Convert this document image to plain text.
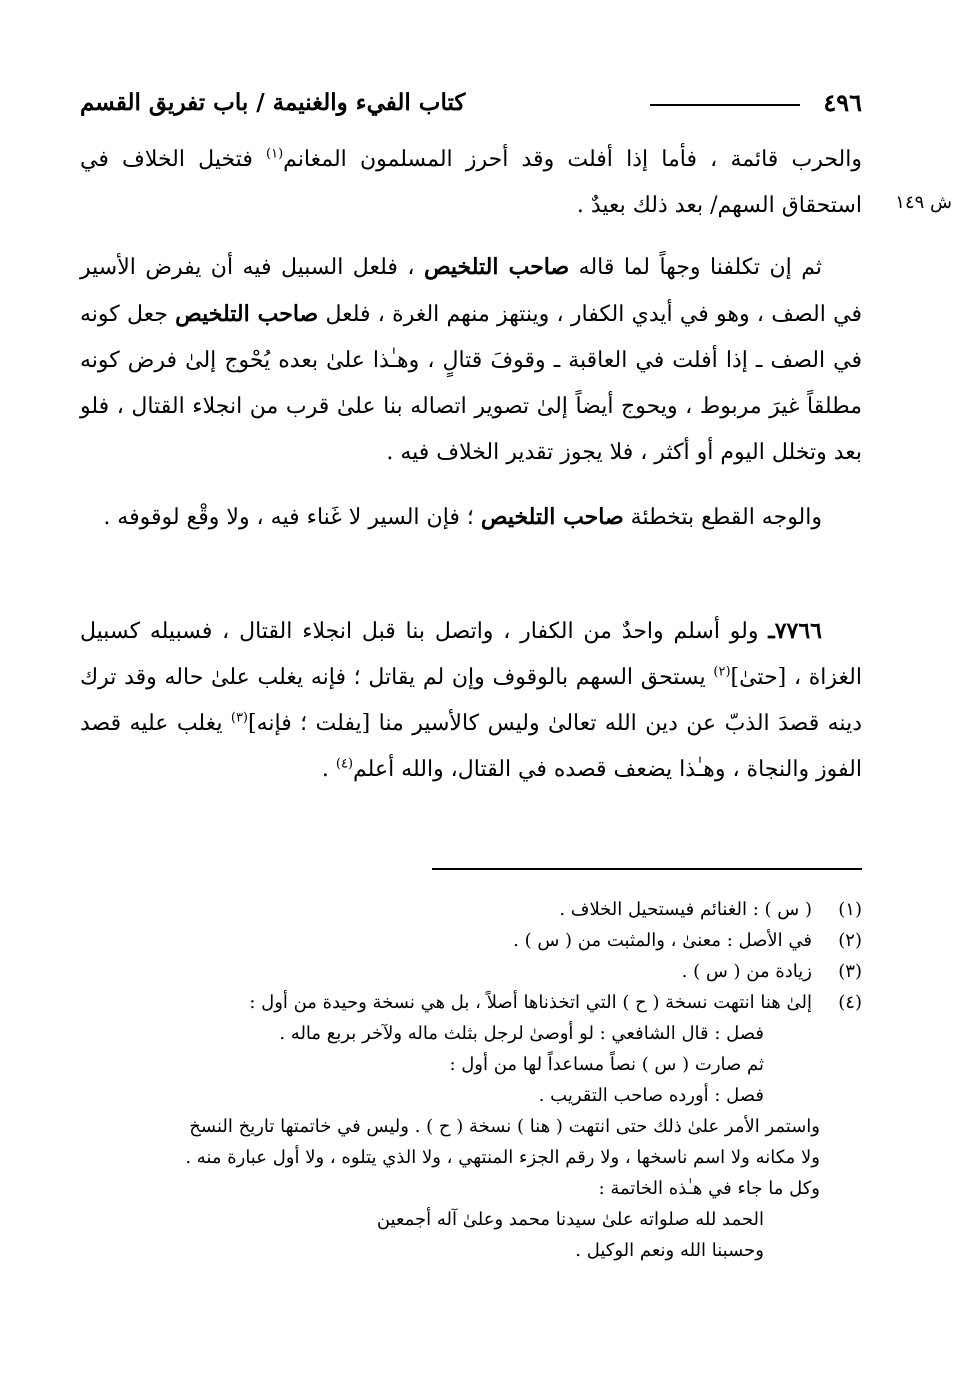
٤٩٦
كتاب الفيء والغنيمة / باب تفريق القسم
ش ١٤٩
والحرب قائمة ، فأما إذا أفلت وقد أحرز المسلمون المغانم$^{(١)}$ فتخيل الخلاف في استحقاق السهم/ بعد ذلك بعيدٌ .
ثم إن تكلفنا وجهاً لما قاله صاحب التلخيص ، فلعل السبيل فيه أن يفرض الأسير في الصف ، وهو في أيدي الكفار ، وينتهز منهم الغرة ، فلعل صاحب التلخيص جعل كونه في الصف ـ إذا أفلت في العاقبة ـ وقوفَ قتالٍ ، وهـٰذا علىٰ بعده يُحْوج إلىٰ فرض كونه مطلقاً غيرَ مربوط ، ويحوج أيضاً إلىٰ تصوير اتصاله بنا علىٰ قرب من انجلاء القتال ، فلو بعد وتخلل اليوم أو أكثر ، فلا يجوز تقدير الخلاف فيه .
والوجه القطع بتخطئة صاحب التلخيص ؛ فإن السير لا غَناء فيه ، ولا وقْع لوقوفه .
٧٧٦٦ـ ولو أسلم واحدٌ من الكفار ، واتصل بنا قبل انجلاء القتال ، فسبيله كسبيل الغزاة ، [حتىٰ]$^{(٢)}$ يستحق السهم بالوقوف وإن لم يقاتل ؛ فإنه يغلب علىٰ حاله وقد ترك دينه قصدَ الذبّ عن دين الله تعالىٰ وليس كالأسير منا [يفلت ؛ فإنه]$^{(٣)}$ يغلب عليه قصد الفوز والنجاة ، وهـٰذا يضعف قصده في القتال، والله أعلم$^{(٤)}$ .
(١)
( س ) : الغنائم فيستحيل الخلاف .
(٢)
في الأصل : معنىٰ ، والمثبت من ( س ) .
(٣)
زيادة من ( س ) .
(٤)
إلىٰ هنا انتهت نسخة ( ح ) التي اتخذناها أصلاً ، بل هي نسخة وحيدة من أول :
فصل : قال الشافعي : لو أوصىٰ لرجل بثلث ماله ولآخر بربع ماله .
ثم صارت ( س ) نصاً مساعداً لها من أول :
فصل : أورده صاحب التقريب .
واستمر الأمر علىٰ ذلك حتى انتهت ( هنا ) نسخة ( ح ) . وليس في خاتمتها تاريخ النسخ
ولا مكانه ولا اسم ناسخها ، ولا رقم الجزء المنتهي ، ولا الذي يتلوه ، ولا أول عبارة منه .
وكل ما جاء في هـٰذه الخاتمة :
الحمد لله صلواته علىٰ سيدنا محمد وعلىٰ آله أجمعين
وحسبنا الله ونعم الوكيل .
